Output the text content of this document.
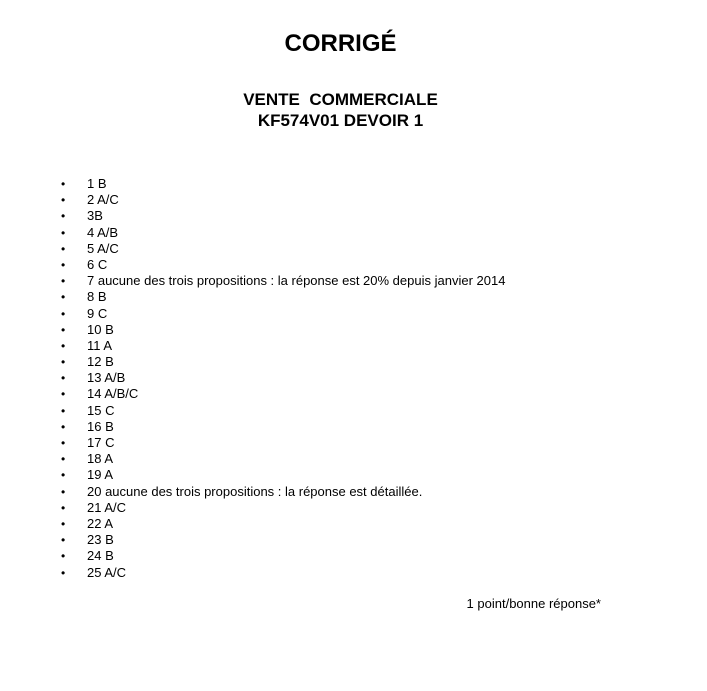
CORRIGÉ
VENTE  COMMERCIALE
KF574V01 DEVOIR 1
• 1 B
• 2 A/C
• 3B
• 4 A/B
• 5 A/C
• 6 C
• 7 aucune des trois propositions : la réponse est 20% depuis janvier 2014
• 8 B
• 9 C
• 10 B
• 11 A
• 12 B
• 13 A/B
• 14 A/B/C
• 15 C
• 16 B
• 17 C
• 18 A
• 19 A
• 20 aucune des trois propositions : la réponse est détaillée.
• 21 A/C
• 22 A
• 23 B
• 24 B
• 25 A/C
1 point/bonne réponse*
